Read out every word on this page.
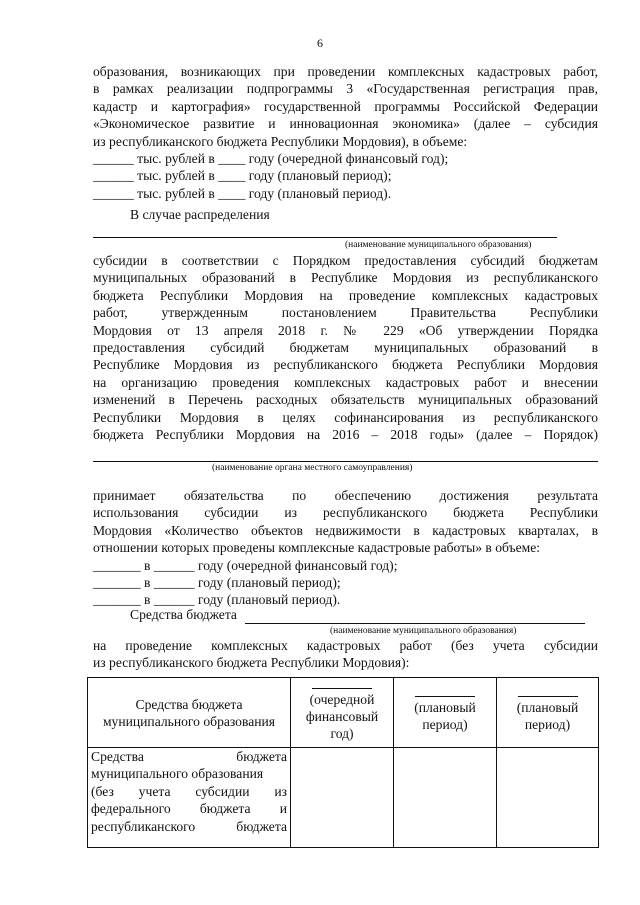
6
образования, возникающих при проведении комплексных кадастровых работ,
в рамках реализации подпрограммы 3 «Государственная регистрация прав,
кадастр и картография» государственной программы Российской Федерации
«Экономическое развитие и инновационная экономика» (далее – субсидия
из республиканского бюджета Республики Мордовия), в объеме:
______ тыс. рублей в ____ году (очередной финансовый год);
______ тыс. рублей в ____ году (плановый период);
______ тыс. рублей в ____ году (плановый период).
В случае распределения
(наименование муниципального образования)
субсидии в соответствии с Порядком предоставления субсидий бюджетам
муниципальных образований в Республике Мордовия из республиканского
бюджета Республики Мордовия на проведение комплексных кадастровых
работ, утвержденным постановлением Правительства Республики
Мордовия от 13 апреля 2018 г. № 229 «Об утверждении Порядка
предоставления субсидий бюджетам муниципальных образований в
Республике Мордовия из республиканского бюджета Республики Мордовия
на организацию проведения комплексных кадастровых работ и внесении
изменений в Перечень расходных обязательств муниципальных образований
Республики Мордовия в целях софинансирования из республиканского
бюджета Республики Мордовия на 2016 – 2018 годы» (далее – Порядок)
(наименование органа местного самоуправления)
принимает обязательства по обеспечению достижения результата
использования субсидии из республиканского бюджета Республики
Мордовия «Количество объектов недвижимости в кадастровых кварталах, в
отношении которых проведены комплексные кадастровые работы» в объеме:
_______ в ______ году (очередной финансовый год);
_______ в ______ году (плановый период);
_______ в ______ году (плановый период).
Средства бюджета
(наименование муниципального образования)
на проведение комплексных кадастровых работ (без учета субсидии
из республиканского бюджета Республики Мордовия):
Средства бюджета муниципального образования	(очередной финансовый год)	(плановый период)	(плановый период)

Средства бюджета
муниципального образования
(без учета субсидии из
федерального бюджета и
республиканского бюджета			
